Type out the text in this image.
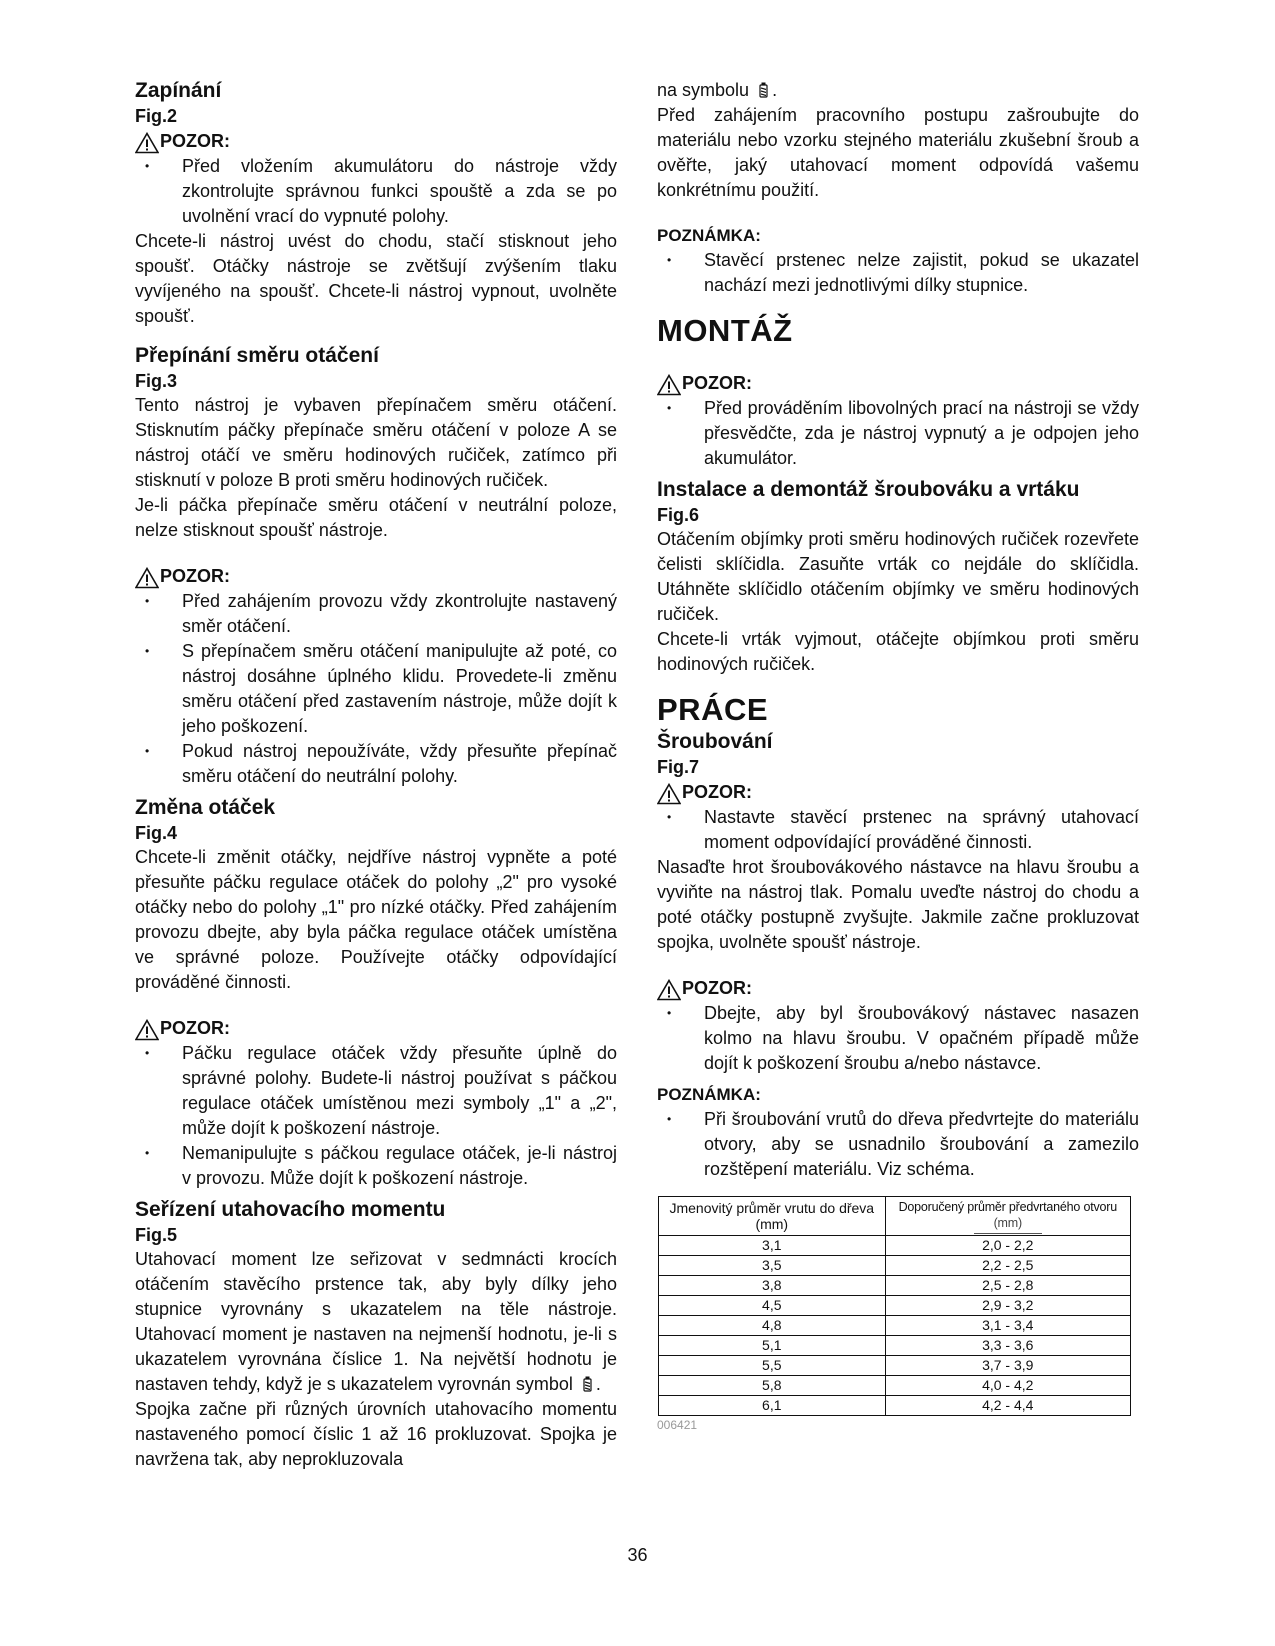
Zapínání

Fig.2

POZOR:
• Před vložením akumulátoru do nástroje vždy zkontrolujte správnou funkci spouště a zda se po uvolnění vrací do vypnuté polohy.

Chcete-li nástroj uvést do chodu, stačí stisknout jeho spoušť. Otáčky nástroje se zvětšují zvýšením tlaku vyvíjeného na spoušť. Chcete-li nástroj vypnout, uvolněte spoušť.

Přepínání směru otáčení

Fig.3

Tento nástroj je vybaven přepínačem směru otáčení. Stisknutím páčky přepínače směru otáčení v poloze A se nástroj otáčí ve směru hodinových ručiček, zatímco při stisknutí v poloze B proti směru hodinových ručiček.

Je-li páčka přepínače směru otáčení v neutrální poloze, nelze stisknout spoušť nástroje.

POZOR:
• Před zahájením provozu vždy zkontrolujte nastavený směr otáčení.
• S přepínačem směru otáčení manipulujte až poté, co nástroj dosáhne úplného klidu. Provedete-li změnu směru otáčení před zastavením nástroje, může dojít k jeho poškození.
• Pokud nástroj nepoužíváte, vždy přesuňte přepínač směru otáčení do neutrální polohy.

Změna otáček

Fig.4

Chcete-li změnit otáčky, nejdříve nástroj vypněte a poté přesuňte páčku regulace otáček do polohy „2" pro vysoké otáčky nebo do polohy „1" pro nízké otáčky. Před zahájením provozu dbejte, aby byla páčka regulace otáček umístěna ve správné poloze. Používejte otáčky odpovídající prováděné činnosti.

POZOR:
• Páčku regulace otáček vždy přesuňte úplně do správné polohy. Budete-li nástroj používat s páčkou regulace otáček umístěnou mezi symboly „1" a „2", může dojít k poškození nástroje.
• Nemanipulujte s páčkou regulace otáček, je-li nástroj v provozu. Může dojít k poškození nástroje.

Seřízení utahovacího momentu

Fig.5

Utahovací moment lze seřizovat v sedmnácti krocích otáčením stavěcího prstence tak, aby byly dílky jeho stupnice vyrovnány s ukazatelem na těle nástroje. Utahovací moment je nastaven na nejmenší hodnotu, je-li s ukazatelem vyrovnána číslice 1. Na největší hodnotu je nastaven tehdy, když je s ukazatelem vyrovnán symbol .

Spojka začne při různých úrovních utahovacího momentu nastaveného pomocí číslic 1 až 16 prokluzovat. Spojka je navržena tak, aby neprokluzovala

na symbolu .

Před zahájením pracovního postupu zašroubujte do materiálu nebo vzorku stejného materiálu zkušební šroub a ověřte, jaký utahovací moment odpovídá vašemu konkrétnímu použití.

POZNÁMKA:

• Stavěcí prstenec nelze zajistit, pokud se ukazatel nachází mezi jednotlivými dílky stupnice.

MONTÁŽ

POZOR:
• Před prováděním libovolných prací na nástroji se vždy přesvědčte, zda je nástroj vypnutý a je odpojen jeho akumulátor.

Instalace a demontáž šroubováku a vrtáku

Fig.6

Otáčením objímky proti směru hodinových ručiček rozevřete čelisti sklíčidla. Zasuňte vrták co nejdále do sklíčidla. Utáhněte sklíčidlo otáčením objímky ve směru hodinových ručiček.

Chcete-li vrták vyjmout, otáčejte objímkou proti směru hodinových ručiček.

PRÁCE

Šroubování

Fig.7

POZOR:
• Nastavte stavěcí prstenec na správný utahovací moment odpovídající prováděné činnosti.

Nasaďte hrot šroubovákového nástavce na hlavu šroubu a vyviňte na nástroj tlak. Pomalu uveďte nástroj do chodu a poté otáčky postupně zvyšujte. Jakmile začne prokluzovat spojka, uvolněte spoušť nástroje.

POZOR:
• Dbejte, aby byl šroubovákový nástavec nasazen kolmo na hlavu šroubu. V opačném případě může dojít k poškození šroubu a/nebo nástavce.

POZNÁMKA:

• Při šroubování vrutů do dřeva předvrtejte do materiálu otvory, aby se usnadnilo šroubování a zamezilo rozštěpení materiálu. Viz schéma.
Jmenovitý průměr vrutu do dřeva
(mm)	Doporučený průměr předvrtaného otvoru
(mm)
3,1	2,0 - 2,2
3,5	2,2 - 2,5
3,8	2,5 - 2,8
4,5	2,9 - 3,2
4,8	3,1 - 3,4
5,1	3,3 - 3,6
5,5	3,7 - 3,9
5,8	4,0 - 4,2
6,1	4,2 - 4,4
006421
36
